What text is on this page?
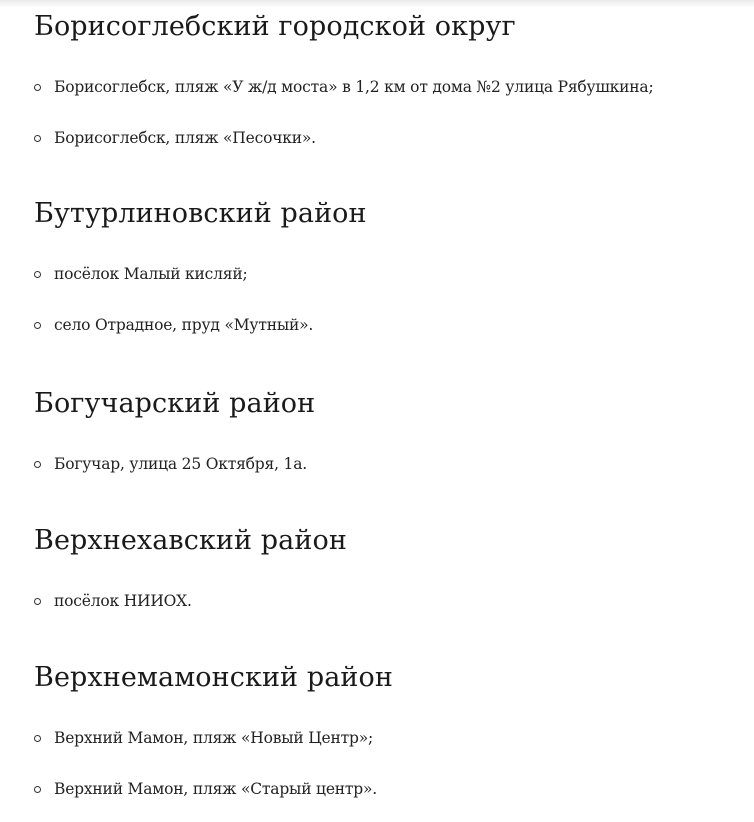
Борисоглебский городской округ
Борисоглебск, пляж «У ж/д моста» в 1,2 км от дома №2 улица Рябушкина;
Борисоглебск, пляж «Песочки».
Бутурлиновский район
посёлок Малый кисляй;
село Отрадное, пруд «Мутный».
Богучарский район
Богучар, улица 25 Октября, 1а.
Верхнехавский район
посёлок НИИОХ.
Верхнемамонский район
Верхний Мамон, пляж «Новый Центр»;
Верхний Мамон, пляж «Старый центр».
